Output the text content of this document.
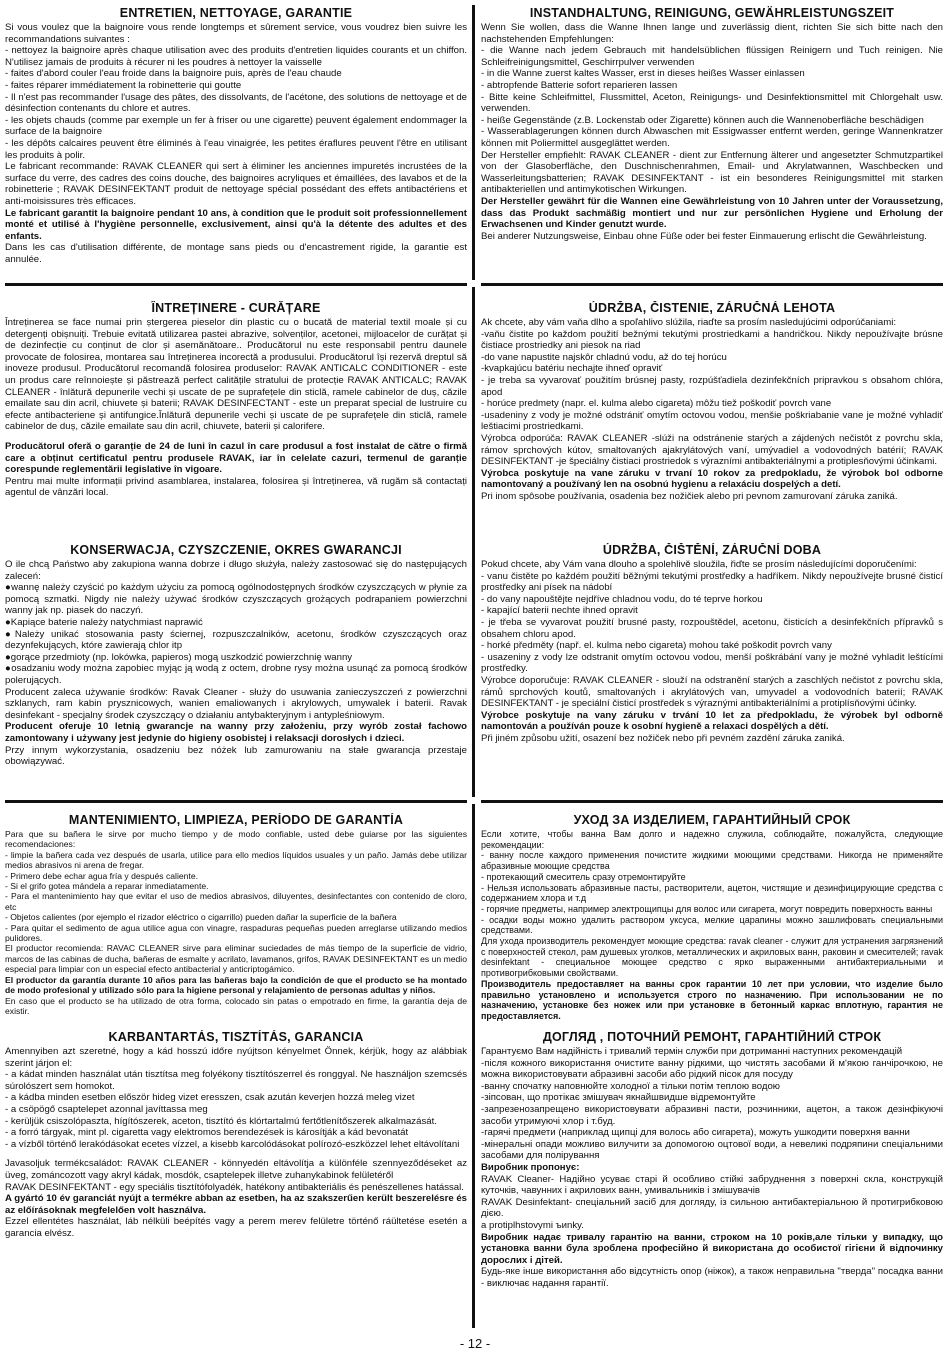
ENTRETIEN, NETTOYAGE, GARANTIE

Si vous voulez que la baignoire vous rende longtemps et sûrement service, vous voudrez bien suivre les recommandations suivantes :

- nettoyez la baignoire après chaque utilisation avec des produits d'entretien liquides courants et un chiffon. N'utilisez jamais de produits à récurer ni les poudres à nettoyer la vaisselle

- faites d'abord couler l'eau froide dans la baignoire puis, après de l'eau chaude

- faites réparer immédiatement la robinetterie qui goutte

- Il n'est pas recommander l'usage des pâtes, des dissolvants, de l'acétone, des solutions de nettoyage et de désinfection contenants du chlore et autres.

- les objets chauds (comme par exemple un fer à friser ou une cigarette) peuvent également endommager la surface de la baignoire

- les dépôts calcaires peuvent être éliminés à l'eau vinaigrée, les petites éraflures peuvent l'être en utilisant les produits à polir.

Le fabricant recommande: RAVAK CLEANER qui sert à éliminer les anciennes impuretés incrustées de la surface du verre, des cadres des coins douche, des baignoires acryliques et émaillées, des lavabos et de la robinetterie ; RAVAK DESINFEKTANT produit de nettoyage spécial possédant des effets antibactériens et anti-moisissures très efficaces.

Le fabricant garantit la baignoire pendant 10 ans, à condition que le produit soit professionnellement monté et utilisé à l'hygiène personnelle, exclusivement, ainsi qu'à la détente des adultes et des enfants.

Dans les cas d'utilisation différente, de montage sans pieds ou d'encastrement rigide, la garantie est annulée.

INSTANDHALTUNG, REINIGUNG, GEWÄHRLEISTUNGSZEIT

Wenn Sie wollen, dass die Wanne Ihnen lange und zuverlässig dient, richten Sie sich bitte nach den nachstehenden Empfehlungen:

- die Wanne nach jedem Gebrauch mit handelsüblichen flüssigen Reinigern und Tuch reinigen. Nie Schleifreinigungsmittel, Geschirrpulver verwenden

- in die Wanne zuerst kaltes Wasser, erst in dieses heißes Wasser einlassen

- abtropfende Batterie sofort reparieren lassen

- Bitte keine Schleifmittel, Flussmittel, Aceton, Reinigungs- und Desinfektionsmittel mit Chlorgehalt usw. verwenden.

- heiße Gegenstände (z.B. Lockenstab oder Zigarette) können auch die Wannenoberfläche beschädigen

- Wasserablagerungen können durch Abwaschen mit Essigwasser entfernt werden, geringe Wannenkratzer können mit Poliermittel ausgeglättet werden.

Der Hersteller empfiehlt: RAVAK CLEANER - dient zur Entfernung älterer und angesetzter Schmutzpartikel von der Glasoberfläche, den Duschnischenrahmen, Email- und Akrylatwannen, Waschbecken und Wasserleitungsbatterien; RAVAK DESINFEKTANT - ist ein besonderes Reinigungsmittel mit starken antibakteriellen und antimykotischen Wirkungen.

Der Hersteller gewährt für die Wannen eine Gewährleistung von 10 Jahren unter der Voraussetzung, dass das Produkt sachmäßig montiert und nur zur persönlichen Hygiene und Erholung der Erwachsenen und Kinder genutzt wurde.

Bei anderer Nutzungsweise, Einbau ohne Füße oder bei fester Einmauerung erlischt die Gewährleistung.

ÎNTREȚINERE - CURĂȚARE

Întreținerea se face numai prin ștergerea pieselor din plastic cu o bucată de material textil moale și cu detergenți obișnuiți. Trebuie evitată utilizarea pastei abrazive, solvenților, acetonei, mijloacelor de curățat și de dezinfecție cu conținut de clor și asemănătoare.. Producătorul nu este responsabil pentru daunele provocate de folosirea, montarea sau întreținerea incorectă a produsului. Producătorul își rezervă dreptul să inoveze produsul. Producătorul recomandă folosirea produselor: RAVAK ANTICALC CONDITIONER - este un produs care reînnoiește și păstrează perfect calitățile stratului de protecție RAVAK ANTICALC; RAVAK CLEANER - înlătură depunerile vechi și uscate de pe suprafețele din sticlă, ramele cabinelor de duș, căzile emailate sau din acril, chiuvete și baterii; RAVAK DESINFECTANT - este un preparat special de lustruire cu efecte antibacteriene și antifungice.Înlătură depunerile vechi și uscate de pe suprafețele din sticlă, ramele cabinelor de duș, căzile emailate sau din acril, chiuvete, baterii și calorifere.

Producătorul oferă o garanție de 24 de luni în cazul în care produsul a fost instalat de către o firmă care a obținut certificatul pentru produsele RAVAK, iar în celelate cazuri, termenul de garanție corespunde reglementării legislative în vigoare.

Pentru mai multe informații privind asamblarea, instalarea, folosirea și întreținerea, vă rugăm să contactați agentul de vânzări local.

ÚDRŽBA, ČISTENIE, ZÁRUČNÁ LEHOTA

Ak chcete, aby vám vaňa dlho a spoľahlivo slúžila, riaďte sa prosím nasledujúcimi odporúčaniami:

-vaňu čistite po každom použití bežnými tekutými prostriedkami a handričkou. Nikdy nepoužívajte brúsne čistiace prostriedky ani piesok na riad

-do vane napustite najskôr chladnú vodu, až do tej horúcu

-kvapkajúcu batériu nechajte ihneď opraviť

- je treba sa vyvarovať použitím brúsnej pasty, rozpúšťadiela dezinfekčních pripravkou s obsahom chlóra, apod

- horúce predmety (napr. el. kulma alebo cigareta) môžu tiež poškodiť povrch vane

-usadeniny z vody je možné odstrániť omytím octovou vodou, menšie poškriabanie vane je možné vyhladiť leštiacimi prostriedkami.

Výrobca odporúča: RAVAK CLEANER -slúži na odstránenie starých a zájdených nečistôt z povrchu skla, rámov sprchových kútov, smaltovaných ajakrylátových vaní, umývadiel a vodovodných batérií; RAVAK DESINFEKTANT -je špeciálny čistiaci prostriedok s výrazními antibakteriálnymi a protiplesňovými účinkami.

Výrobca poskytuje na vane záruku v trvaní 10 rokov za predpokladu, že výrobok bol odborne namontovaný a používaný len na osobnú hygienu a relaxáciu dospelých a detí.

Pri inom spôsobe používania, osadenia bez nožičiek alebo pri pevnom zamurovaní záruka zaniká.

KONSERWACJA, CZYSZCZENIE, OKRES GWARANCJI

O ile chcą Państwo aby zakupiona wanna dobrze i długo służyła, należy zastosować się do następujących zaleceń:

●wannę należy czyścić po każdym użyciu za pomocą ogólnodostępnych środków czyszczących w płynie za pomocą szmatki. Nigdy nie należy używać środków czyszczących grożących podrapaniem powierzchni wanny jak np. piasek do naczyń.

●Kapiące baterie należy natychmiast naprawić

●Należy unikać stosowania pasty ściernej, rozpuszczalników, acetonu, środków czyszczących oraz dezynfekujących, które zawierają chlor itp

●gorące przedmioty (np. lokówka, papieros) mogą uszkodzić powierzchnię wanny

●osadzaniu wody można zapobiec myjąc ją wodą z octem, drobne rysy można usunąć za pomocą środków polerujących.

Producent zaleca używanie środków: Ravak Cleaner - służy do usuwania zanieczyszczeń z powierzchni szklanych, ram kabin prysznicowych, wanien emaliowanych i akrylowych, umywalek i baterii. Ravak desinfekant - specjalny środek czyszczący o działaniu antybakteryjnym i antypleśniowym.

Producent oferuje 10 letnią gwarancje na wanny przy założeniu, przy wyrób został fachowo zamontowany i używany jest jedynie do higieny osobistej i relaksacji dorosłych i dzieci.

Przy innym wykorzystania, osadzeniu bez nóżek lub zamurowaniu na stałe gwarancja przestaje obowiązywać.

ÚDRŽBA, ČIŠTĚNÍ, ZÁRUČNÍ DOBA

Pokud chcete, aby Vám vana dlouho a spolehlivě sloužila, řiďte se prosím následujícími doporučeními:

- vanu čistěte po každém použití běžnými tekutými prostředky a hadříkem. Nikdy nepoužívejte brusné čisticí prostředky ani písek na nádobí

- do vany napouštějte nejdříve chladnou vodu, do té teprve horkou

- kapající baterii nechte ihned opravit

- je třeba se vyvarovat použití brusné pasty, rozpouštědel, acetonu, čisticích a desinfekčních přípravků s obsahem chloru apod.

- horké předměty (např. el. kulma nebo cigareta) mohou také poškodit povrch vany

- usazeniny z vody lze odstranit omytím octovou vodou, menší poškrábání vany je možné vyhladit leštícími prostředky.

Výrobce doporučuje: RAVAK CLEANER - slouží na odstranění starých a zaschlých nečistot z povrchu skla, rámů sprchových koutů, smaltovaných i akrylátových van, umyvadel a vodovodních baterií; RAVAK DESINFEKTANT - je speciální čisticí prostředek s výraznými antibakteriálními a protiplísňovými účinky.

Výrobce poskytuje na vany záruku v trvání 10 let za předpokladu, že výrobek byl odborně namontován a používán pouze k osobní hygieně a relaxaci dospělých a dětí.

Při jiném způsobu užití, osazení bez nožiček nebo při pevném zazdění záruka zaniká.

MANTENIMIENTO, LIMPIEZA, PERÍODO DE GARANTÍA

Para que su bañera le sirve por mucho tiempo y de modo confiable, usted debe guiarse por las siguientes recomendaciones:

- limpie la bañera cada vez después de usarla, utilice para ello medios líquidos usuales y un paño. Jamás debe utilizar medios abrasivos ni arena de fregar.

- Primero debe echar agua fría y después caliente.

- Si el grifo gotea mándela a reparar inmediatamente.

- Para el mantenimiento hay que evitar el uso de medios abrasivos, diluyentes, desinfectantes con contenido de cloro, etc

- Objetos calientes (por ejemplo el rizador eléctrico o cigarrillo) pueden dañar la superficie de la bañera

- Para quitar el sedimento de agua utilice agua con vinagre, raspaduras pequeñas pueden arreglarse utilizando medios pulidores.

El productor recomienda: RAVAC CLEANER sirve para eliminar suciedades de más tiempo de la superficie de vidrio, marcos de las cabinas de ducha, bañeras de esmalte y acrilato, lavamanos, grifos, RAVAK DESINFEKTANT es un medio especial para limpiar con un especial efecto antibacterial y anticriptogámico.

El productor da garantía durante 10 años para las bañeras bajo la condición de que el producto se ha montado de modo profesional y utilizado sólo para la higiene personal y relajamiento de personas adultas y niños.

En caso que el producto se ha utilizado de otra forma, colocado sin patas o empotrado en firme, la garantía deja de existir.

УХОД ЗА ИЗДЕЛИЕМ, ГАРАНТИЙНЫЙ СРОК

Если хотите, чтобы ванна Вам долго и надежно служила, соблюдайте, пожалуйста, следующие рекомендации:

- ванну после каждого применения почистите жидкими моющими средствами. Никогда не применяйте абразивные моющие средства

- протекающий смеситель сразу отремонтируйте

- Нельзя использовать абразивные пасты, растворители, ацетон, чистящие и дезинфицирующие средства с содержанием хлора и т.д

- горячие предметы, например электрощипцы для волос или сигарета, могут повредить поверхность ванны

- осадки воды можно удалить раствором уксуса, мелкие царапины можно зашлифовать специальными средствами.

Для ухода производитель рекомендует моющие средства: ravak cleaner - служит для устранения загрязнений с поверхностей стекол, рам душевых уголков, металлических и акриловых ванн, раковин и смесителей; ravak desinfektant - специальное моющее средство с ярко выраженными антибактериальными и противогрибковыми свойствами.

Производитель предоставляет на ванны срок гарантии 10 лет при условии, что изделие было правильно установлено и используется строго по назначению. При использовании не по назначению, установке без ножек или при установке в бетонный каркас вплотную, гарантия не предоставляется.

KARBANTARTÁS, TISZTÍTÁS, GARANCIA

Amennyiben azt szeretné, hogy a kád hosszú időre nyújtson kényelmet Önnek, kérjük, hogy az alábbiak szerint járjon el:

- a kádat minden használat után tisztítsa meg folyékony tisztítószerrel és ronggyal. Ne használjon szemcsés súrolószert sem homokot.

- a kádba minden esetben először hideg vizet eresszen, csak azután keverjen hozzá meleg vizet

- a csöpögő csaptelepet azonnal javíttassa meg

- kerüljük csiszolópaszta, hígítószerek, aceton, tisztító és klórtartalmú fertőtlenítőszerek alkalmazását.

- a forró tárgyak, mint pl. cigaretta vagy elektromos berendezések is károsítják a kád bevonatát

- a vízből történő lerakódásokat ecetes vízzel, a kisebb karcolódásokat polírozó-eszközzel lehet eltávolítani

Javasoljuk termékcsaládot: RAVAK CLEANER - könnyedén eltávolítja a különféle szennyeződéseket az üveg, zománcozott vagy akryl kádak, mosdók, csaptelepek illetve zuhanykabinok felületéről

RAVAK DESINFEKTANT - egy speciális tisztítófolyadék, hatékony antibakteriális és penészellenes hatással.

A gyártó 10 év garanciát nyújt a termékre abban az esetben, ha az szakszerűen került beszerelésre és az előírásoknak megfelelően volt használva.

Ezzel ellentétes használat, láb nélküli beépítés vagy a perem merev felületre történő ráültetése esetén a garancia elvész.

ДОГЛЯД , ПОТОЧНИЙ РЕМОНТ, ГАРАНТІЙНИЙ СТРОК

Гарантуємо Вам надійність і тривалий термін служби при дотриманні наступних рекомендацій

-після кожного використання очистите ванну рідкими, що чистять засобами й м'якою ганчірочкою, не можна використовувати абразивні засоби або рідкий пісок для посуду

-ванну спочатку наповнюйте холодної а тільки потім теплою водою

-зіпсован, що протікає змішувач якнайшвидше відремонтуйте

-запрезенозапрещено використовувати абразивні пасти, розчинники, ацетон, а також дезінфікуючі засоби утримуючі хлор і т.буд.

-гарячі предмети (наприклад щипці для волось або сигарета), можуть ушкодити поверхня ванни

-мінеральні опади можливо вилучити за допомогою оцтової води, а невеликі подряпини спеціальними засобами для полірування

Виробник пропонує:

RAVAK Cleaner- Надійно усуває старі й особливо стійкі забруднення з поверхні скла, конструкцій куточків, чавунних і акрилових ванн, умивальників і змішувачів

RAVAK Desinfektant- спеціальний засіб для догляду, із сильною антибактеріальною й протигрибковою дією.

а protiplhstovymi ъиnky.

Виробник надає тривалу гарантію на ванни, строком на 10 років,але тільки у випадку, що установка ванни була зроблена професійно й використана до особистої гігієни й відпочинку дорослих і дітей.

Будь-яке інше використання або відсутність опор (ніжок), а також неправильна "тверда" посадка ванни - виключає надання гарантії.

- 12 -
